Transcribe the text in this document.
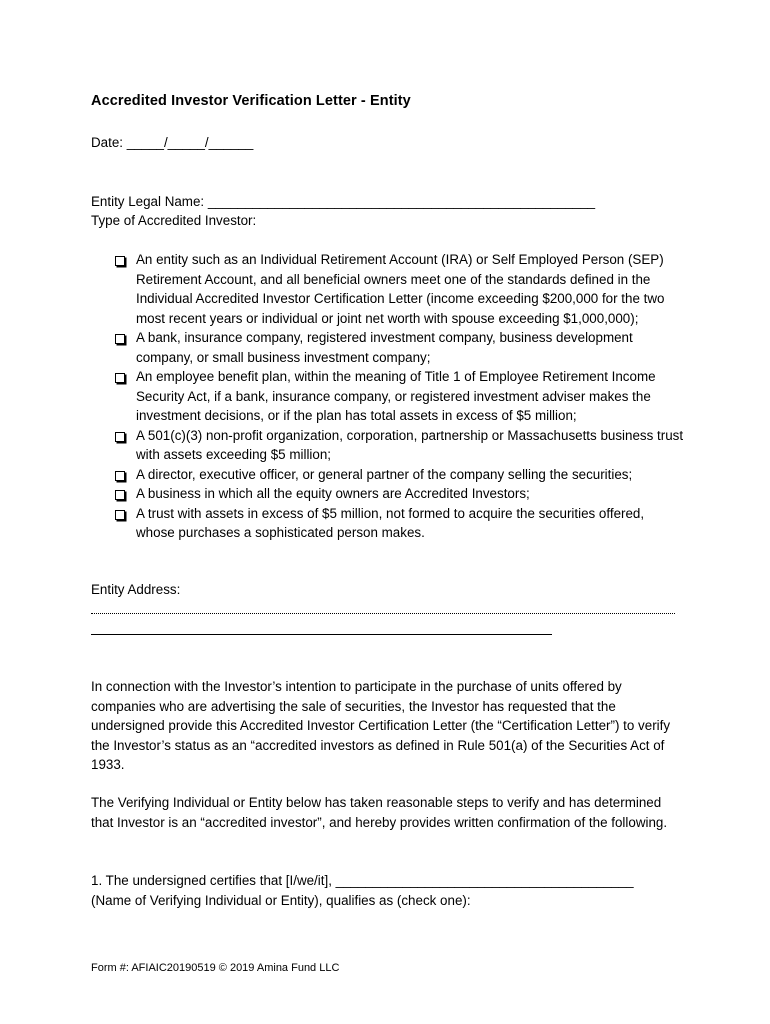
Accredited Investor Verification Letter - Entity
Date: _____/_____/______
Entity Legal Name: ____________________________________________________
Type of Accredited Investor:
An entity such as an Individual Retirement Account (IRA) or Self Employed Person (SEP) Retirement Account, and all beneficial owners meet one of the standards defined in the Individual Accredited Investor Certification Letter (income exceeding $200,000 for the two most recent years or individual or joint net worth with spouse exceeding $1,000,000);
A bank, insurance company, registered investment company, business development company, or small business investment company;
An employee benefit plan, within the meaning of Title 1 of Employee Retirement Income Security Act, if a bank, insurance company, or registered investment adviser makes the investment decisions, or if the plan has total assets in excess of $5 million;
A 501(c)(3) non-profit organization, corporation, partnership or Massachusetts business trust with assets exceeding $5 million;
A director, executive officer, or general partner of the company selling the securities;
A business in which all the equity owners are Accredited Investors;
A trust with assets in excess of $5 million, not formed to acquire the securities offered, whose purchases a sophisticated person makes.
Entity Address:

In connection with the Investor’s intention to participate in the purchase of units offered by companies who are advertising the sale of securities, the Investor has requested that the undersigned provide this Accredited Investor Certification Letter (the “Certification Letter”) to verify the Investor’s status as an “accredited investors as defined in Rule 501(a) of the Securities Act of 1933.

The Verifying Individual or Entity below has taken reasonable steps to verify and has determined that Investor is an “accredited investor”, and hereby provides written confirmation of the following.

1. The undersigned certifies that [I/we/it], ________________________________________
(Name of Verifying Individual or Entity), qualifies as (check one):
Form #: AFIAIC20190519 © 2019 Amina Fund LLC
